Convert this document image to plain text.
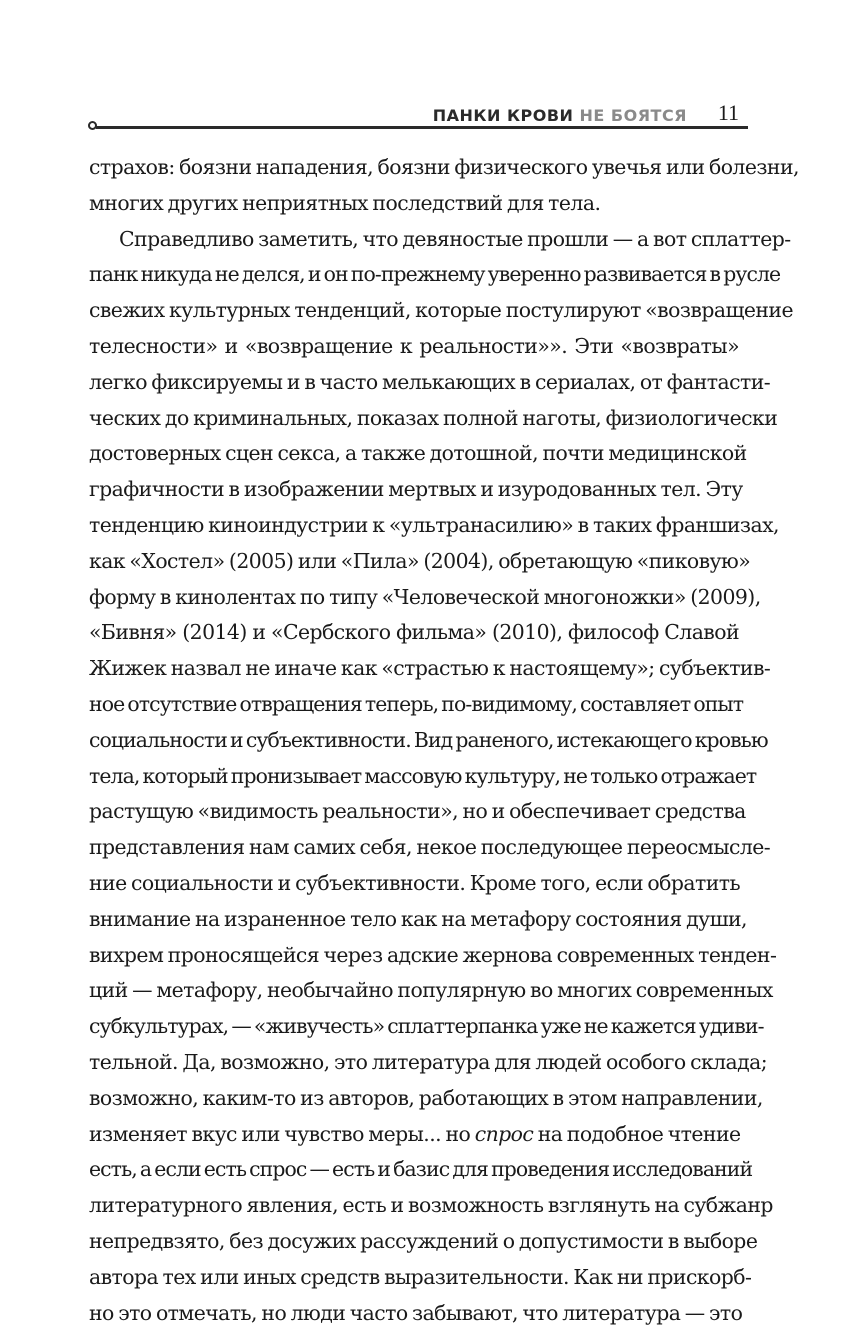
ПАНКИ КРОВИ НЕ БОЯТСЯ 11
страхов: боязни нападения, боязни физического увечья или болезни,
многих других неприятных последствий для тела.
Справедливо заметить, что девяностые прошли — а вот сплаттер-
панк никуда не делся, и он по-прежнему уверенно развивается в русле
свежих культурных тенденций, которые постулируют «возвращение
телесности» и «возвращение к реальности»». Эти «возвраты»
легко фиксируемы и в часто мелькающих в сериалах, от фантасти-
ческих до криминальных, показах полной наготы, физиологически
достоверных сцен секса, а также дотошной, почти медицинской
графичности в изображении мертвых и изуродованных тел. Эту
тенденцию киноиндустрии к «ультранасилию» в таких франшизах,
как «Хостел» (2005) или «Пила» (2004), обретающую «пиковую»
форму в кинолентах по типу «Человеческой многоножки» (2009),
«Бивня» (2014) и «Сербского фильма» (2010), философ Славой
Жижек назвал не иначе как «страстью к настоящему»; субъектив-
ное отсутствие отвращения теперь, по-видимому, составляет опыт
социальности и субъективности. Вид раненого, истекающего кровью
тела, который пронизывает массовую культуру, не только отражает
растущую «видимость реальности», но и обеспечивает средства
представления нам самих себя, некое последующее переосмысле-
ние социальности и субъективности. Кроме того, если обратить
внимание на израненное тело как на метафору состояния души,
вихрем проносящейся через адские жернова современных тенден-
ций — метафору, необычайно популярную во многих современных
субкультурах, — «живучесть» сплаттерпанка уже не кажется удиви-
тельной. Да, возможно, это литература для людей особого склада;
возможно, каким-то из авторов, работающих в этом направлении,
изменяет вкус или чувство меры... но спрос на подобное чтение
есть, а если есть спрос — есть и базис для проведения исследований
литературного явления, есть и возможность взглянуть на субжанр
непредвзято, без досужих рассуждений о допустимости в выборе
автора тех или иных средств выразительности. Как ни прискорб-
но это отмечать, но люди часто забывают, что литература — это
